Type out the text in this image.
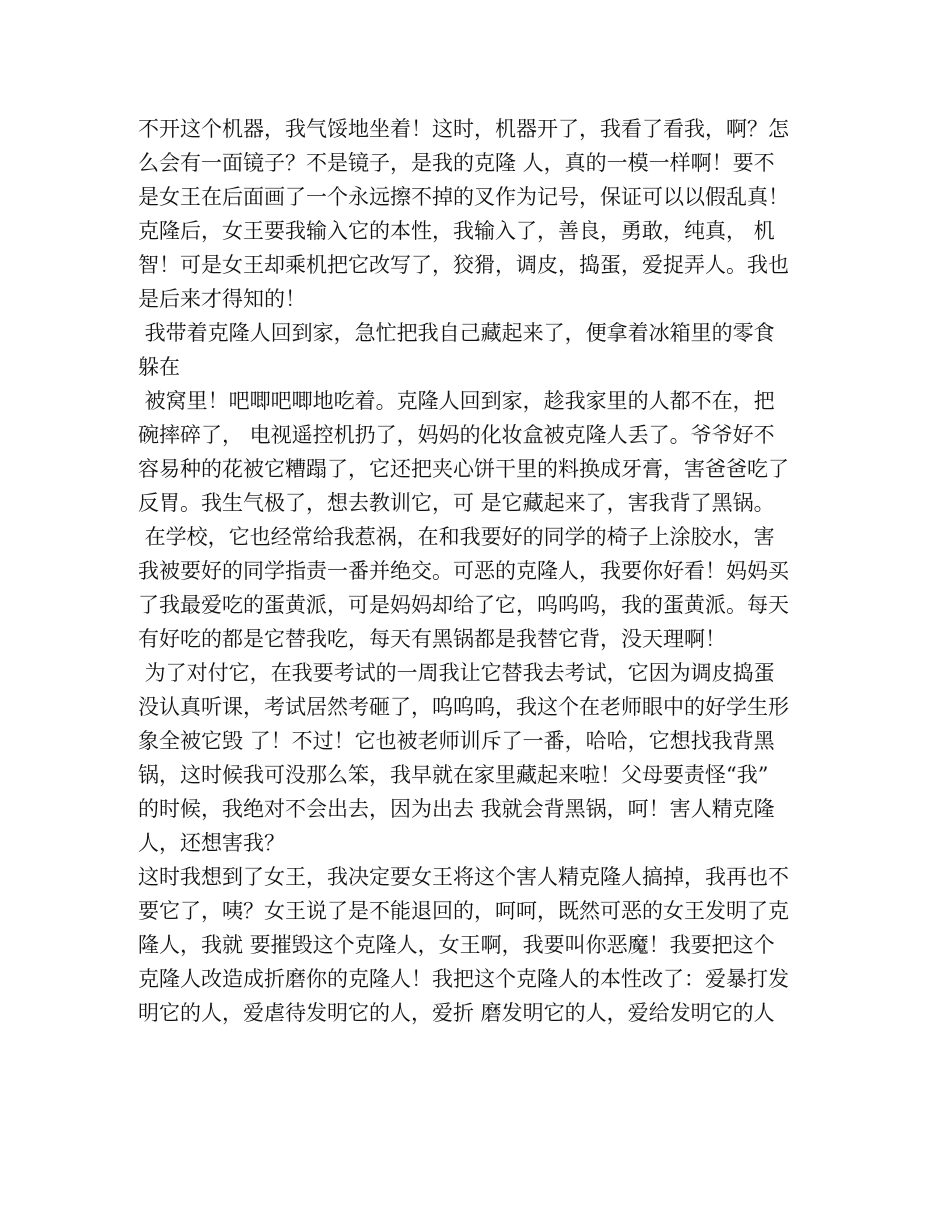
不开这个机器，我气馁地坐着！这时，机器开了，我看了看我，啊？怎
么会有一面镜子？不是镜子，是我的克隆 人，真的一模一样啊！要不
是女王在后面画了一个永远擦不掉的叉作为记号，保证可以以假乱真！
克隆后，女王要我输入它的本性，我输入了，善良，勇敢，纯真， 机
智！可是女王却乘机把它改写了，狡猾，调皮，捣蛋，爱捉弄人。我也
是后来才得知的！
我带着克隆人回到家，急忙把我自己藏起来了，便拿着冰箱里的零食
躲在
被窝里！吧唧吧唧地吃着。克隆人回到家，趁我家里的人都不在，把
碗摔碎了， 电视遥控机扔了，妈妈的化妆盒被克隆人丢了。爷爷好不
容易种的花被它糟蹋了，它还把夹心饼干里的料换成牙膏，害爸爸吃了
反胃。我生气极了，想去教训它，可 是它藏起来了，害我背了黑锅。
在学校，它也经常给我惹祸，在和我要好的同学的椅子上涂胶水，害
我被要好的同学指责一番并绝交。可恶的克隆人，我要你好看！妈妈买
了我最爱吃的蛋黄派，可是妈妈却给了它，呜呜呜，我的蛋黄派。每天
有好吃的都是它替我吃，每天有黑锅都是我替它背，没天理啊！
为了对付它，在我要考试的一周我让它替我去考试，它因为调皮捣蛋
没认真听课，考试居然考砸了，呜呜呜，我这个在老师眼中的好学生形
象全被它毁 了！不过！它也被老师训斥了一番，哈哈，它想找我背黑
锅，这时候我可没那么笨，我早就在家里藏起来啦！父母要责怪“我”
的时候，我绝对不会出去，因为出去 我就会背黑锅，呵！害人精克隆
人，还想害我？
这时我想到了女王，我决定要女王将这个害人精克隆人搞掉，我再也不
要它了，咦？女王说了是不能退回的，呵呵，既然可恶的女王发明了克
隆人，我就 要摧毁这个克隆人，女王啊，我要叫你恶魔！我要把这个
克隆人改造成折磨你的克隆人！我把这个克隆人的本性改了：爱暴打发
明它的人，爱虐待发明它的人，爱折 磨发明它的人，爱给发明它的人
